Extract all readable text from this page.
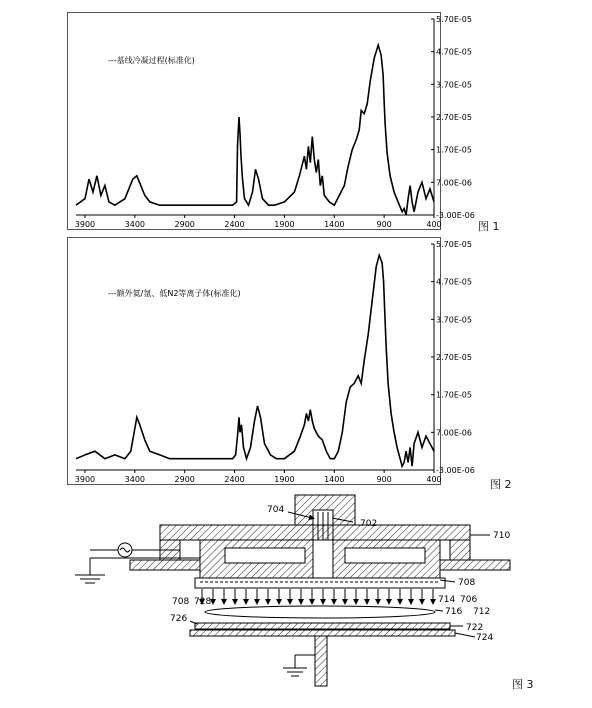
5.70E-05
4.70E-05
3.70E-05
2.70E-05
1.70E-05
7.00E-06
-3.00E-06
3900	3400	2900	2400	1900	1400	900	400
---基线冷凝过程(标准化)
图 1
5.70E-05
4.70E-05
3.70E-05
2.70E-05
1.70E-05
7.00E-06
-3.00E-06
3900	3400	2900	2400	1900	1400	900	400
---额外氦/氩、低N2等离子体(标准化)
图 2
704
702
710
708
708 728	714 706
712
716
726
722
724
图 3
